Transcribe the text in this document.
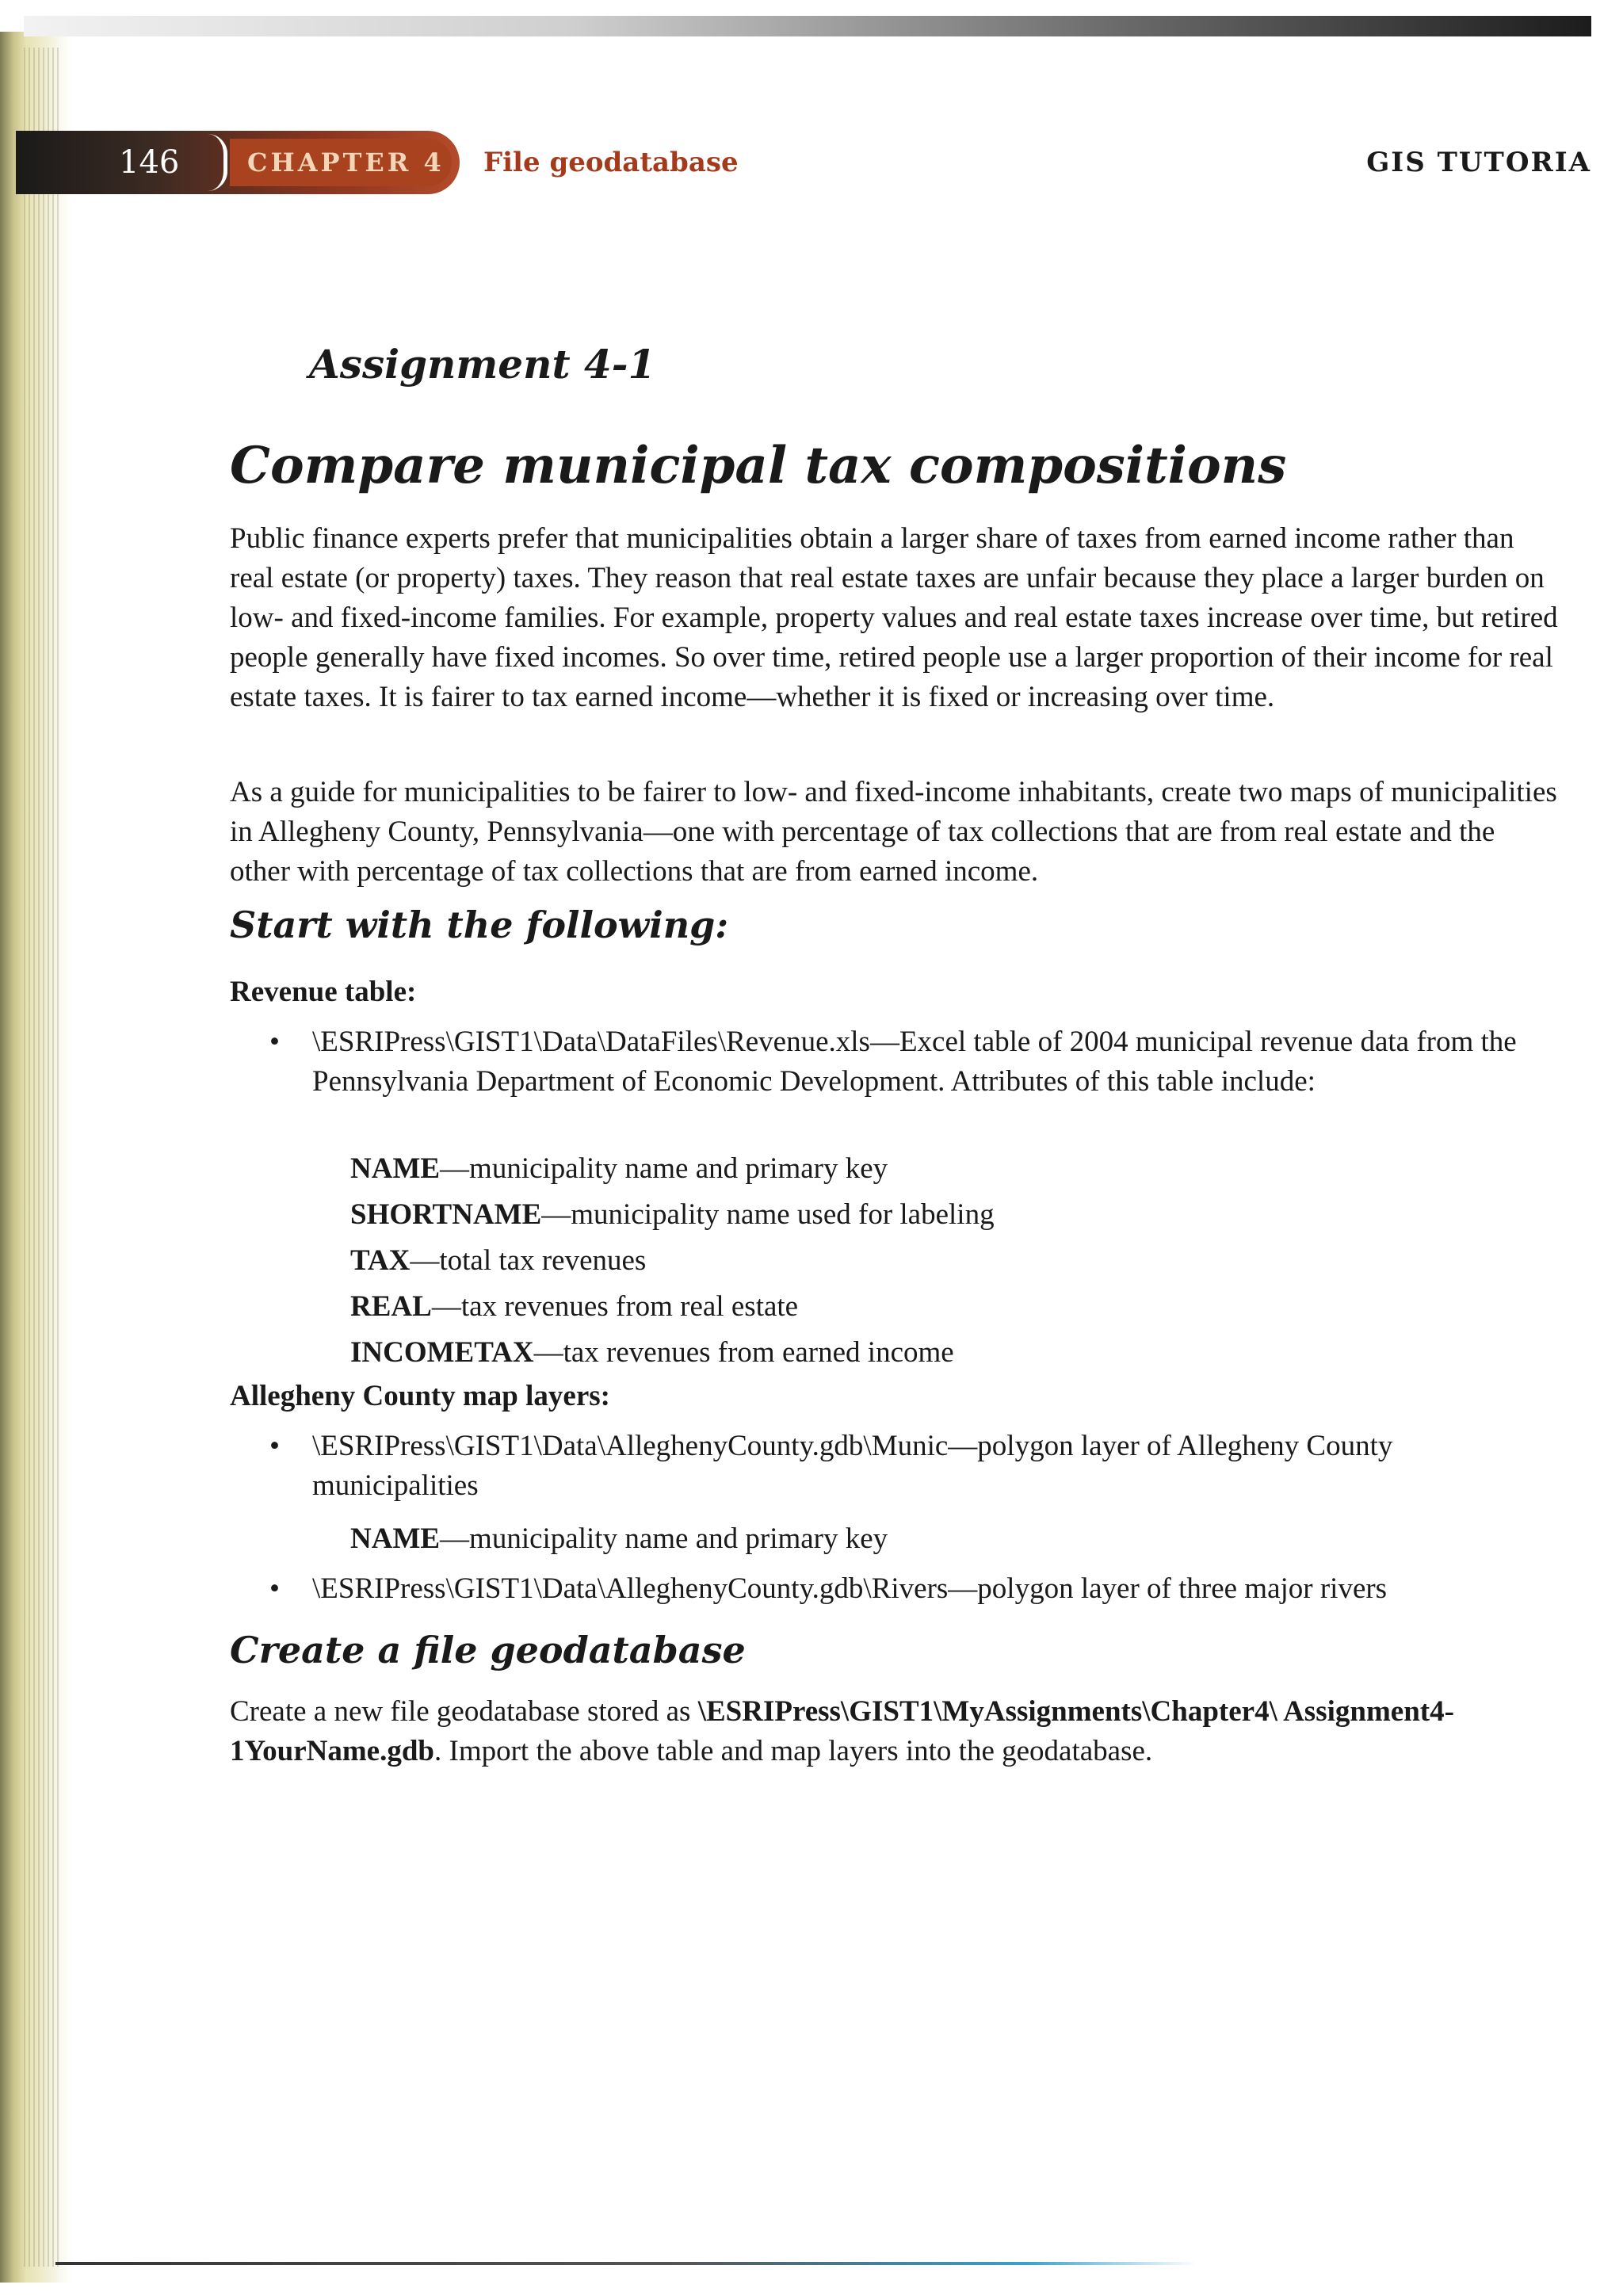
146	CHAPTER 4 File geodatabase	GIS TUTORIA
Assignment 4-1
Compare municipal tax compositions

Public finance experts prefer that municipalities obtain a larger share of taxes from earned income rather than real estate (or property) taxes. They reason that real estate taxes are unfair because they place a larger burden on low- and fixed-income families. For example, property values and real estate taxes increase over time, but retired people generally have fixed incomes. So over time, retired people use a larger proportion of their income for real estate taxes. It is fairer to tax earned income—whether it is fixed or increasing over time.

As a guide for municipalities to be fairer to low- and fixed-income inhabitants, create two maps of municipalities in Allegheny County, Pennsylvania—one with percentage of tax collections that are from real estate and the other with percentage of tax collections that are from earned income.

Start with the following:

Revenue table:

•	\ESRIPress\GIST1\Data\DataFiles\Revenue.xls—Excel table of 2004 municipal revenue data from the Pennsylvania Department of Economic Development. Attributes of this table include:
NAME—municipality name and primary key
SHORTNAME—municipality name used for labeling
TAX—total tax revenues
REAL—tax revenues from real estate
INCOMETAX—tax revenues from earned income

Allegheny County map layers:

•	\ESRIPress\GIST1\Data\AlleghenyCounty.gdb\Munic—polygon layer of Allegheny County municipalities
NAME—municipality name and primary key
•	\ESRIPress\GIST1\Data\AlleghenyCounty.gdb\Rivers—polygon layer of three major rivers
Create a file geodatabase

Create a new file geodatabase stored as \ESRIPress\GIST1\MyAssignments\Chapter4\ Assignment4-1YourName.gdb. Import the above table and map layers into the geodatabase.
